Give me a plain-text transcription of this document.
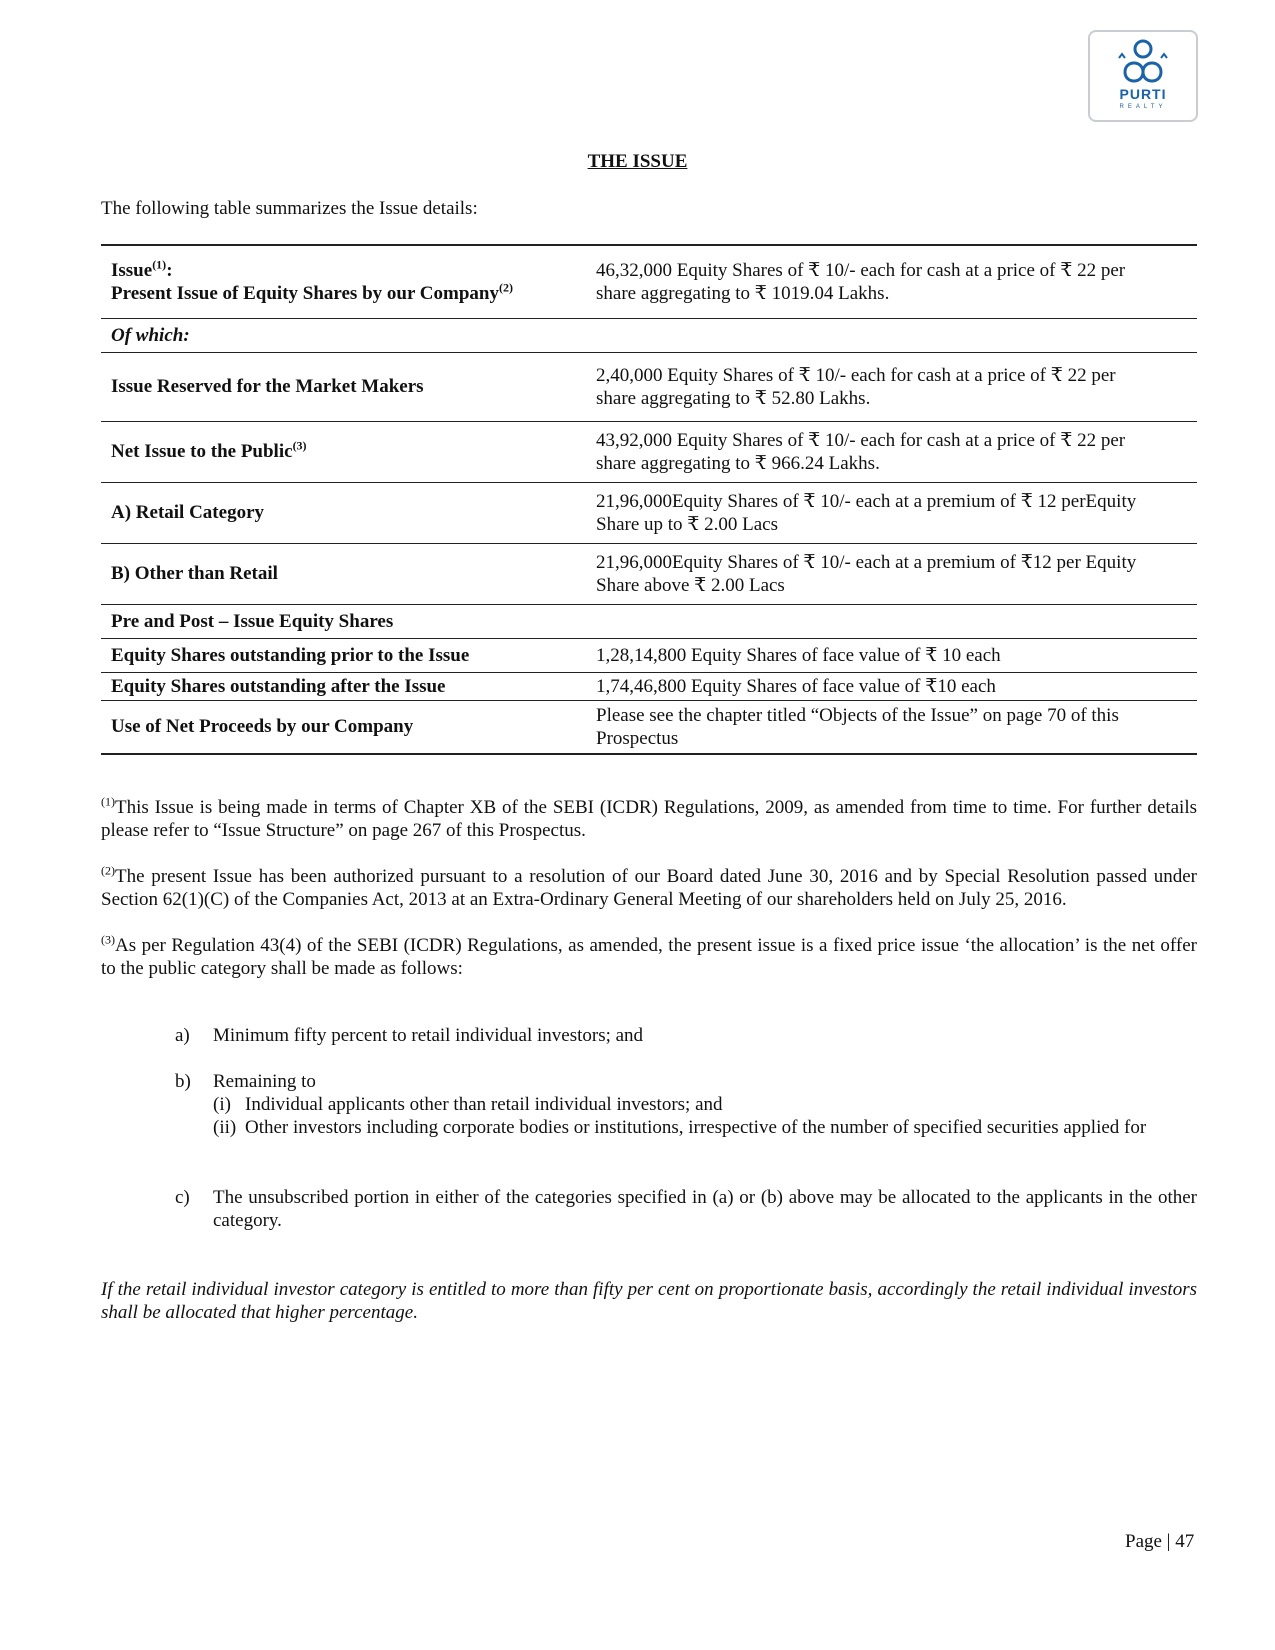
PURTI
REALTY
THE ISSUE
The following table summarizes the Issue details:
Issue$^{(1)}$:
Present Issue of Equity Shares by our Company$^{(2)}$	46,32,000 Equity Shares of ₹ 10/- each for cash at a price of ₹ 22 per
share aggregating to ₹ 1019.04 Lakhs.
Of which:	
Issue Reserved for the Market Makers	2,40,000 Equity Shares of ₹ 10/- each for cash at a price of ₹ 22 per
share aggregating to ₹ 52.80 Lakhs.
Net Issue to the Public$^{(3)}$	43,92,000 Equity Shares of ₹ 10/- each for cash at a price of ₹ 22 per
share aggregating to ₹ 966.24 Lakhs.
A) Retail Category	21,96,000Equity Shares of ₹ 10/- each at a premium of ₹ 12 perEquity
Share up to ₹ 2.00 Lacs
B) Other than Retail	21,96,000Equity Shares of ₹ 10/- each at a premium of ₹12 per Equity
Share above ₹ 2.00 Lacs
Pre and Post – Issue Equity Shares	
Equity Shares outstanding prior to the Issue	1,28,14,800 Equity Shares of face value of ₹ 10 each
Equity Shares outstanding after the Issue	1,74,46,800 Equity Shares of face value of ₹10 each
Use of Net Proceeds by our Company	Please see the chapter titled “Objects of the Issue” on page 70 of this
Prospectus

$^{(1)}$This Issue is being made in terms of Chapter XB of the SEBI (ICDR) Regulations, 2009, as amended from time to time. For further details please refer to “Issue Structure” on page 267 of this Prospectus.

$^{(2)}$The present Issue has been authorized pursuant to a resolution of our Board dated June 30, 2016 and by Special Resolution passed under Section 62(1)(C) of the Companies Act, 2013 at an Extra-Ordinary General Meeting of our shareholders held on July 25, 2016.

$^{(3)}$As per Regulation 43(4) of the SEBI (ICDR) Regulations, as amended, the present issue is a fixed price issue ‘the allocation’ is the net offer to the public category shall be made as follows:

a) Minimum fifty percent to retail individual investors; and
b) Remaining to
(i) Individual applicants other than retail individual investors; and
(ii) Other investors including corporate bodies or institutions, irrespective of the number of specified securities applied for
c) The unsubscribed portion in either of the categories specified in (a) or (b) above may be allocated to the applicants in the other category.
If the retail individual investor category is entitled to more than fifty per cent on proportionate basis, accordingly the retail individual investors shall be allocated that higher percentage.
Page | 47
